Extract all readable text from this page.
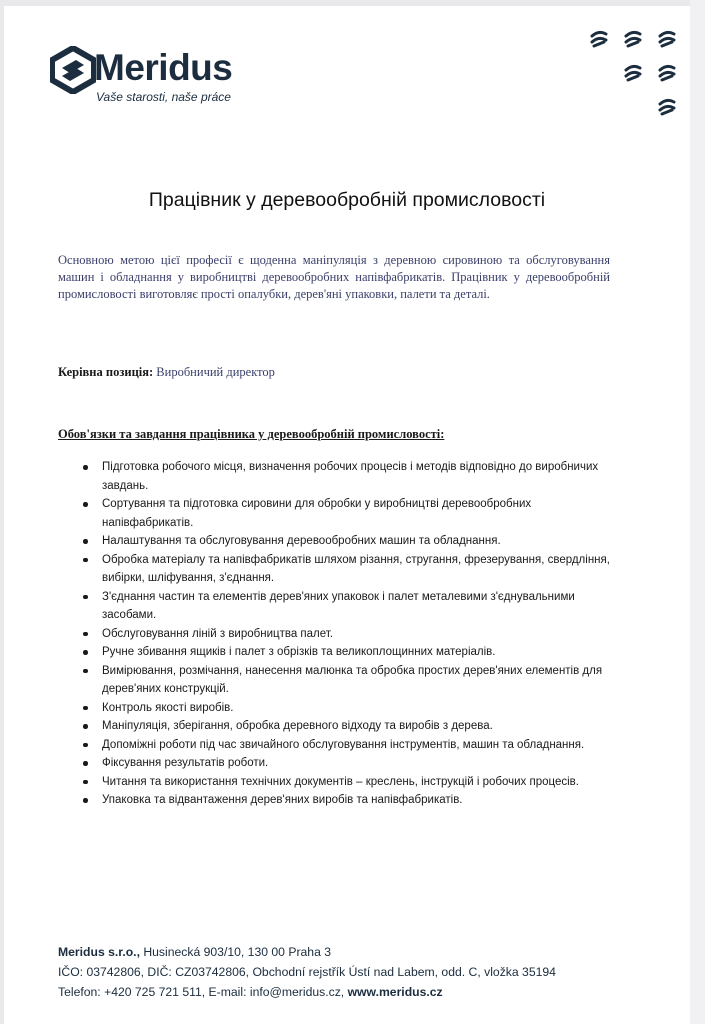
Meridus
Vaše starosti, naše práce
Працівник у деревообробній промисловості
Основною метою цієї професії є щоденна маніпуляція з деревною сировиною та обслуговування машин і обладнання у виробництві деревообробних напівфабрикатів. Працівник у деревообробній промисловості виготовляє прості опалубки, дерев'яні упаковки, палети та деталі.
Керівна позиція: Виробничий директор
Обов'язки та завдання працівника у деревообробній промисловості:
Підготовка робочого місця, визначення робочих процесів і методів відповідно до виробничих завдань.
Сортування та підготовка сировини для обробки у виробництві деревообробних напівфабрикатів.
Налаштування та обслуговування деревообробних машин та обладнання.
Обробка матеріалу та напівфабрикатів шляхом різання, стругання, фрезерування, свердління, вибірки, шліфування, з'єднання.
З'єднання частин та елементів дерев'яних упаковок і палет металевими з'єднувальними засобами.
Обслуговування ліній з виробництва палет.
Ручне збивання ящиків і палет з обрізків та великоплощинних матеріалів.
Вимірювання, розмічання, нанесення малюнка та обробка простих дерев'яних елементів для дерев'яних конструкцій.
Контроль якості виробів.
Маніпуляція, зберігання, обробка деревного відходу та виробів з дерева.
Допоміжні роботи під час звичайного обслуговування інструментів, машин та обладнання.
Фіксування результатів роботи.
Читання та використання технічних документів – креслень, інструкцій і робочих процесів.
Упаковка та відвантаження дерев'яних виробів та напівфабрикатів.
Meridus s.r.o., Husinecká 903/10, 130 00 Praha 3
IČO: 03742806, DIČ: CZ03742806, Obchodní rejstřík Ústí nad Labem, odd. C, vložka 35194
Telefon: +420 725 721 511, E-mail: info@meridus.cz, www.meridus.cz
